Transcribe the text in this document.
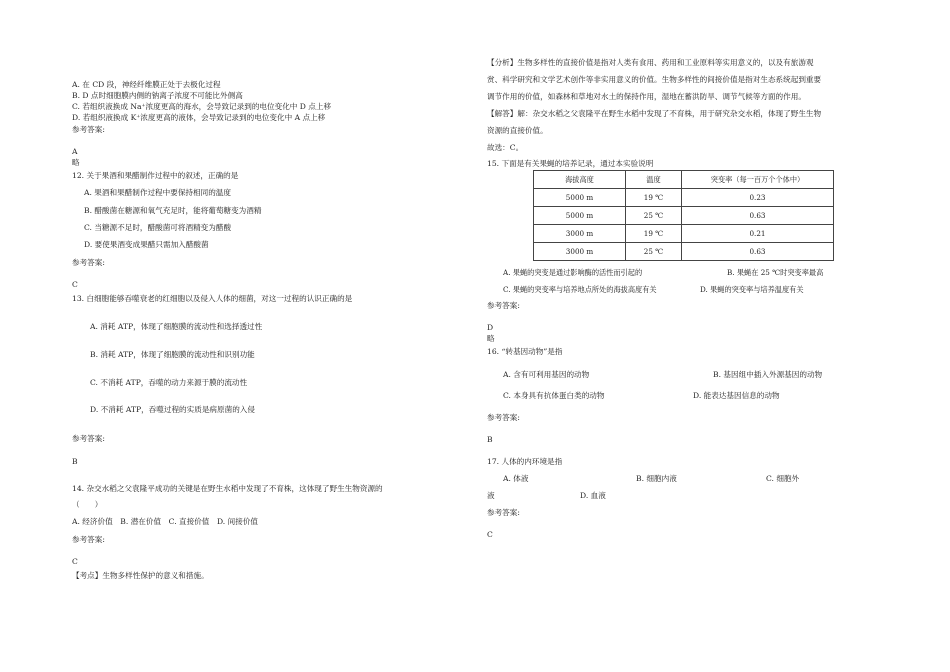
A. 在 CD 段，神经纤维膜正处于去极化过程
B. D 点时细胞膜内侧的钠离子浓度不可能比外侧高
C. 若组织液换成 Na⁺浓度更高的海水，会导致记录到的电位变化中 D 点上移
D. 若组织液换成 K⁺浓度更高的液体，会导致记录到的电位变化中 A 点上移
参考答案:
A
略
12. 关于果酒和果醋制作过程中的叙述，正确的是
A. 果酒和果醋制作过程中要保持相同的温度
B. 醋酸菌在糖源和氧气充足时，能将葡萄糖变为酒精
C. 当糖源不足时，醋酸菌可将酒精变为醋酸
D. 要使果酒变成果醋只需加入醋酸菌
参考答案:
C
13. 白细胞能够吞噬衰老的红细胞以及侵入人体的细菌，对这一过程的认识正确的是
A. 消耗 ATP，体现了细胞膜的流动性和选择透过性
B. 消耗 ATP，体现了细胞膜的流动性和识别功能
C. 不消耗 ATP，吞噬的动力来源于膜的流动性
D. 不消耗 ATP，吞噬过程的实质是病原菌的入侵
参考答案:
B
14. 杂交水稻之父袁隆平成功的关键是在野生水稻中发现了不育株，这体现了野生生物资源的
（　　）
A. 经济价值　B. 潜在价值　C. 直接价值　D. 间接价值
参考答案:
C
【考点】生物多样性保护的意义和措施。
【分析】生物多样性的直接价值是指对人类有食用、药用和工业原料等实用意义的，以及有旅游观
赏、科学研究和文学艺术创作等非实用意义的价值。生物多样性的间接价值是指对生态系统起到重要
调节作用的价值，如森林和草地对水土的保持作用，湿地在蓄洪防旱、调节气候等方面的作用。
【解答】解：杂交水稻之父袁隆平在野生水稻中发现了不育株，用于研究杂交水稻，体现了野生生物
资源的直接价值。
故选：C。
15. 下面是有关果蝇的培养记录，通过本实验说明
海拔高度	温度	突变率（每一百万个个体中）
5000 m	19 ℃	0.23
5000 m	25 ℃	0.63
3000 m	19 ℃	0.21
3000 m	25 ℃	0.63
A. 果蝇的突变是通过影响酶的活性而引起的	B. 果蝇在 25 ℃时突变率最高
C. 果蝇的突变率与培养地点所处的海拔高度有关	D. 果蝇的突变率与培养温度有关
参考答案:
D
略
16. “转基因动物”是指
A. 含有可利用基因的动物	B. 基因组中插入外源基因的动物
C. 本身具有抗体蛋白类的动物	D. 能表达基因信息的动物
参考答案:
B
17. 人体的内环境是指
A. 体液	B. 细胞内液	C. 细胞外
液	D. 血液
参考答案:
C
